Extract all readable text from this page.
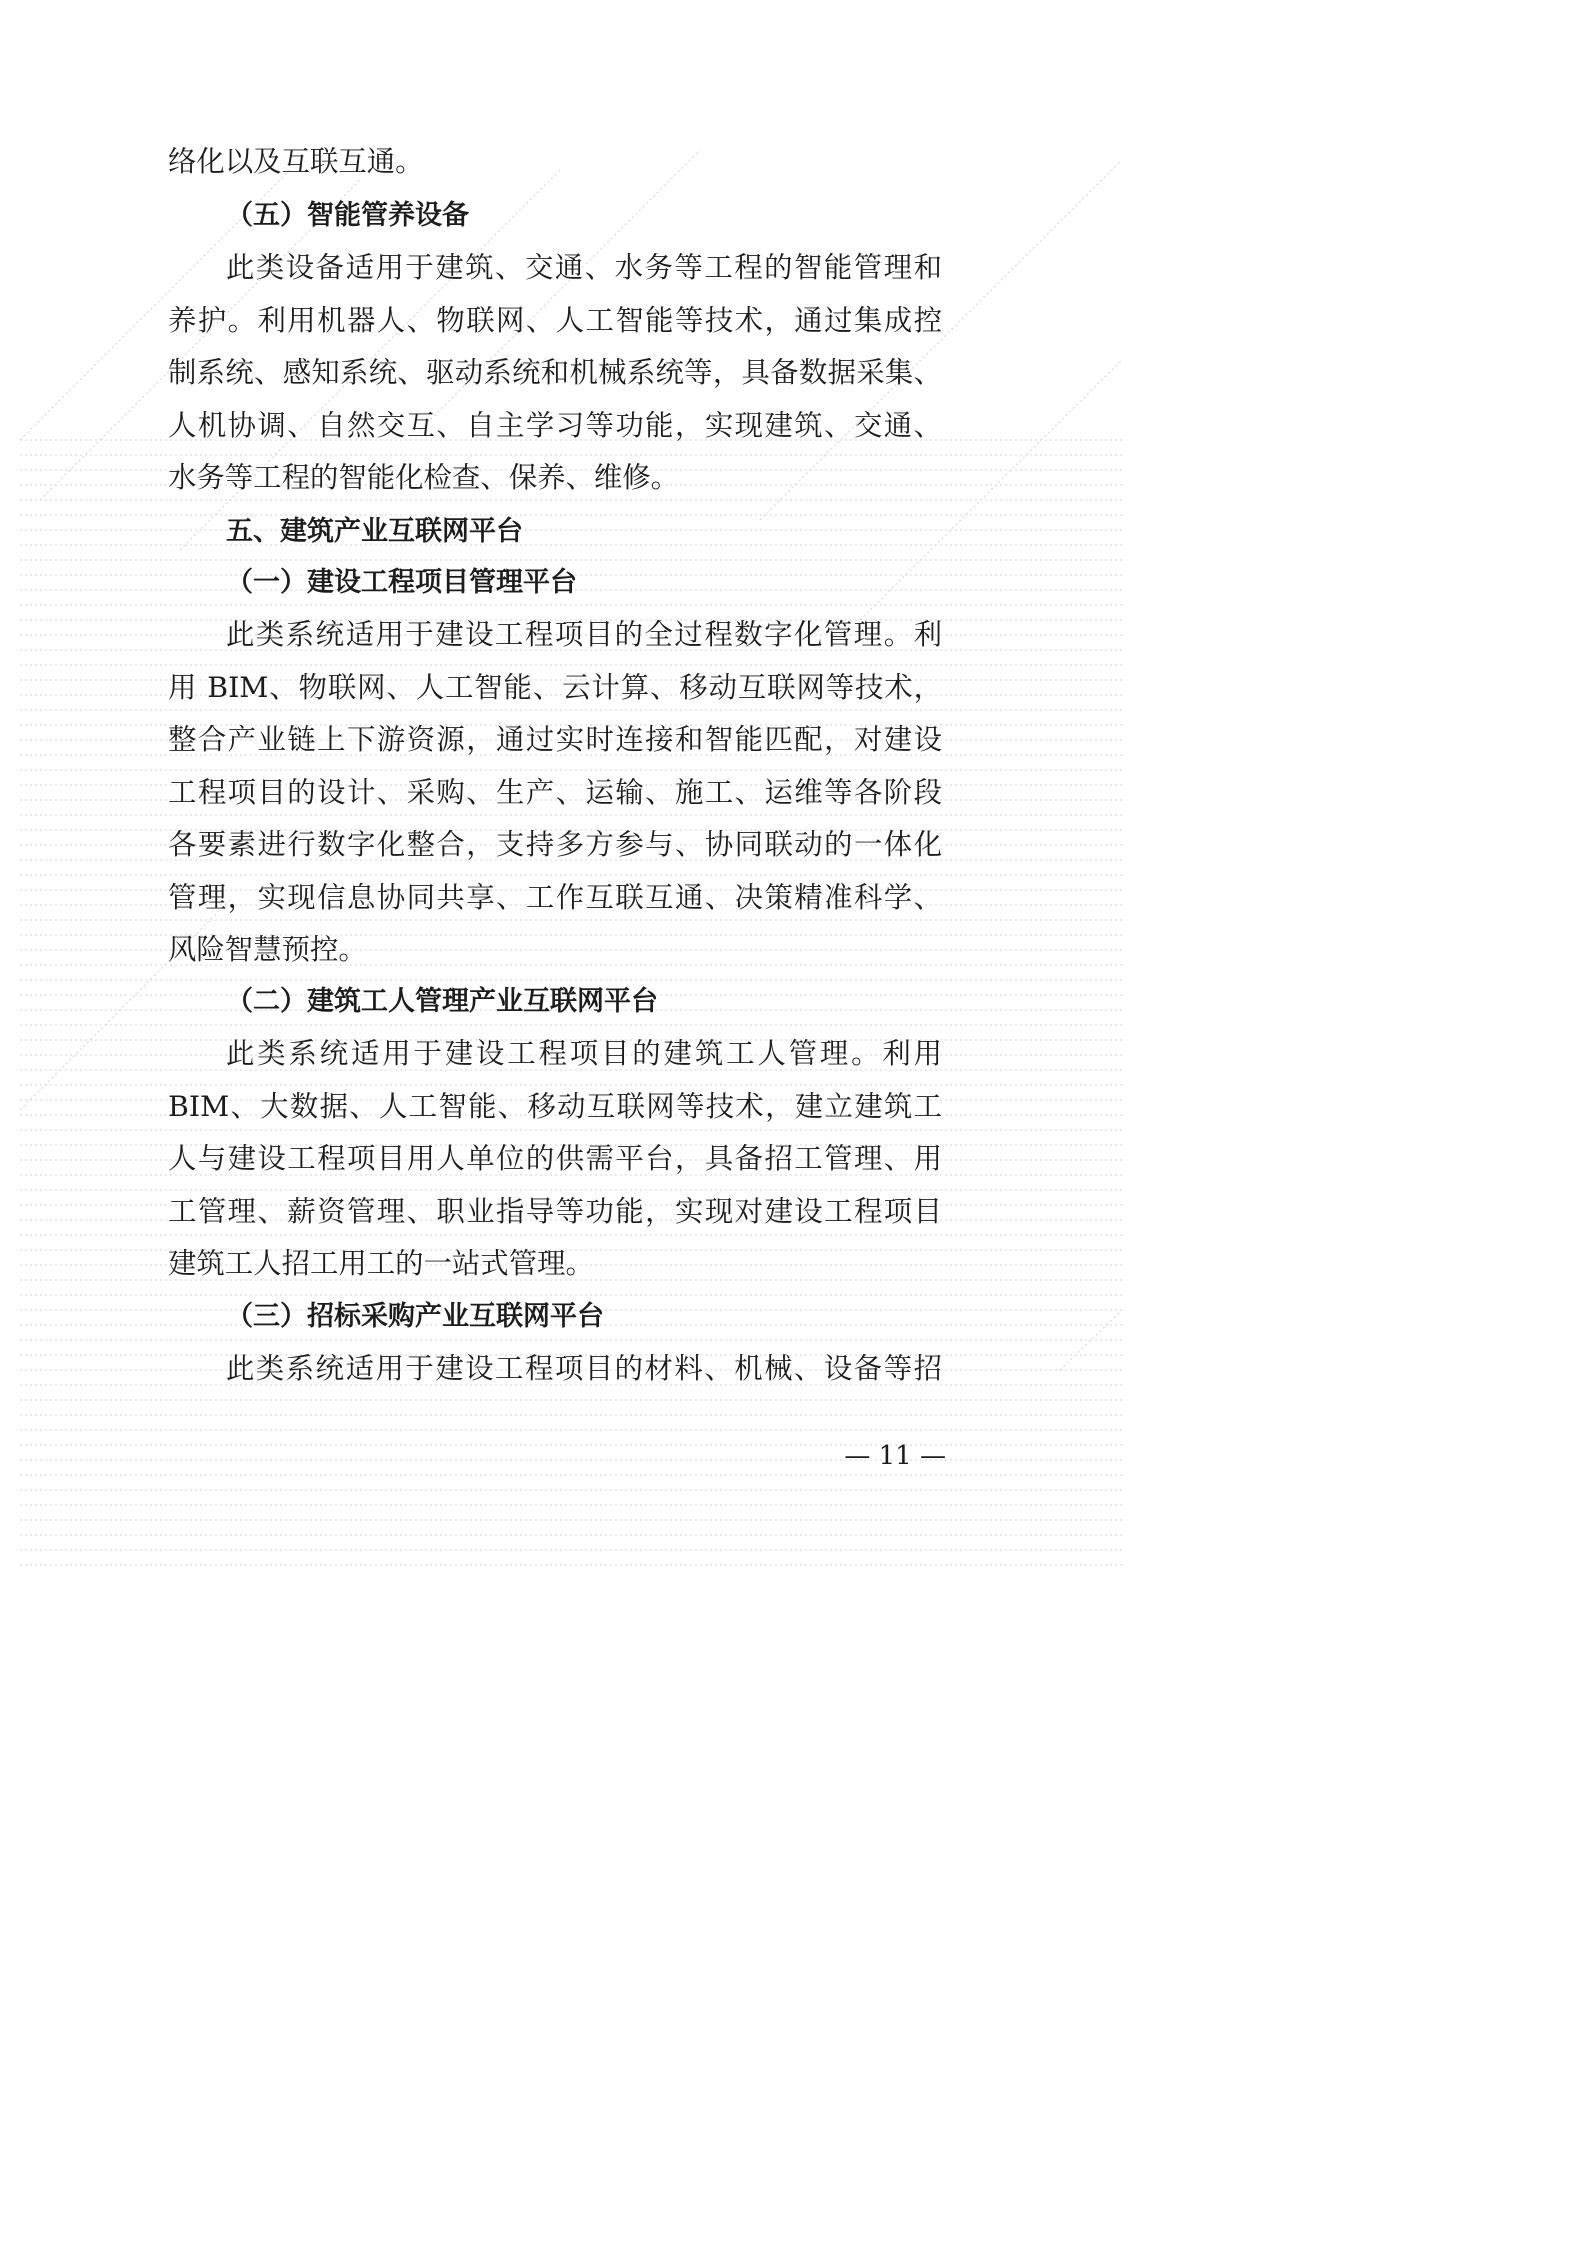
络化以及互联互通。
（五）智能管养设备
此类设备适用于建筑、交通、水务等工程的智能管理和
养护。利用机器人、物联网、人工智能等技术，通过集成控
制系统、感知系统、驱动系统和机械系统等，具备数据采集、
人机协调、自然交互、自主学习等功能，实现建筑、交通、
水务等工程的智能化检查、保养、维修。
五、建筑产业互联网平台
（一）建设工程项目管理平台
此类系统适用于建设工程项目的全过程数字化管理。利
用 BIM、物联网、人工智能、云计算、移动互联网等技术，
整合产业链上下游资源，通过实时连接和智能匹配，对建设
工程项目的设计、采购、生产、运输、施工、运维等各阶段
各要素进行数字化整合，支持多方参与、协同联动的一体化
管理，实现信息协同共享、工作互联互通、决策精准科学、
风险智慧预控。
（二）建筑工人管理产业互联网平台
此类系统适用于建设工程项目的建筑工人管理。利用
BIM、大数据、人工智能、移动互联网等技术，建立建筑工
人与建设工程项目用人单位的供需平台，具备招工管理、用
工管理、薪资管理、职业指导等功能，实现对建设工程项目
建筑工人招工用工的一站式管理。
（三）招标采购产业互联网平台
此类系统适用于建设工程项目的材料、机械、设备等招
— 11 —
